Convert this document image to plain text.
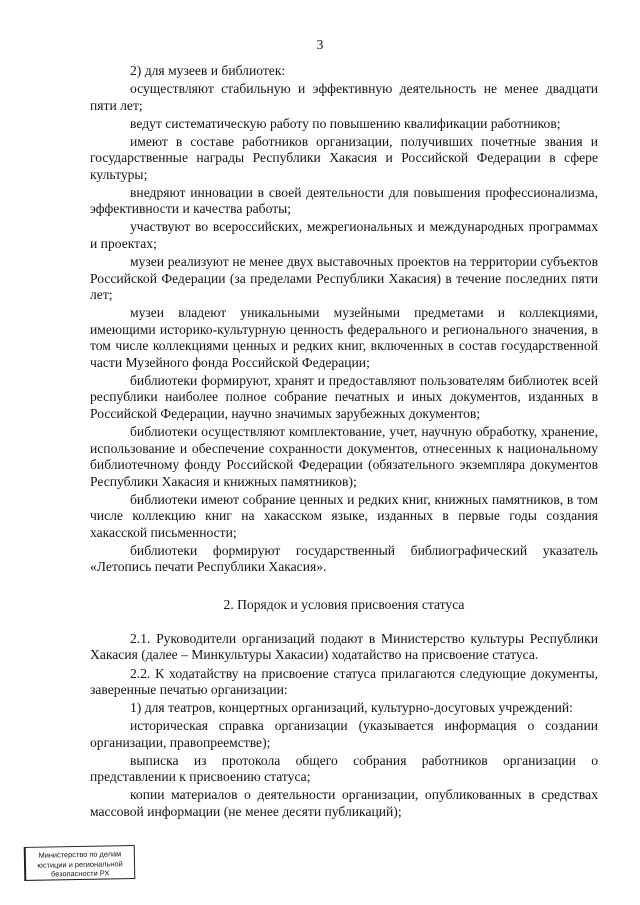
3
2) для музеев и библиотек:
осуществляют стабильную и эффективную деятельность не менее двадцати пяти лет;
ведут систематическую работу по повышению квалификации работников;
имеют в составе работников организации, получивших почетные звания и государственные награды Республики Хакасия и Российской Федерации в сфере культуры;
внедряют инновации в своей деятельности для повышения профессионализма, эффективности и качества работы;
участвуют во всероссийских, межрегиональных и международных программах и проектах;
музеи реализуют не менее двух выставочных проектов на территории субъектов Российской Федерации (за пределами Республики Хакасия) в течение последних пяти лет;
музеи владеют уникальными музейными предметами и коллекциями, имеющими историко-культурную ценность федерального и регионального значения, в том числе коллекциями ценных и редких книг, включенных в состав государственной части Музейного фонда Российской Федерации;
библиотеки формируют, хранят и предоставляют пользователям библиотек всей республики наиболее полное собрание печатных и иных документов, изданных в Российской Федерации, научно значимых зарубежных документов;
библиотеки осуществляют комплектование, учет, научную обработку, хранение, использование и обеспечение сохранности документов, отнесенных к национальному библиотечному фонду Российской Федерации (обязательного экземпляра документов Республики Хакасия и книжных памятников);
библиотеки имеют собрание ценных и редких книг, книжных памятников, в том числе коллекцию книг на хакасском языке, изданных в первые годы создания хакасской письменности;
библиотеки формируют государственный библиографический указатель «Летопись печати Республики Хакасия».
2. Порядок и условия присвоения статуса
2.1. Руководители организаций подают в Министерство культуры Республики Хакасия (далее – Минкультуры Хакасии) ходатайство на присвоение статуса.
2.2. К ходатайству на присвоение статуса прилагаются следующие документы, заверенные печатью организации:
1) для театров, концертных организаций, культурно-досуговых учреждений:
историческая справка организации (указывается информация о создании организации, правопреемстве);
выписка из протокола общего собрания работников организации о представлении к присвоению статуса;
копии материалов о деятельности организации, опубликованных в средствах массовой информации (не менее десяти публикаций);
Министерство по делам
юстиции и региональной
безопасности РХ
